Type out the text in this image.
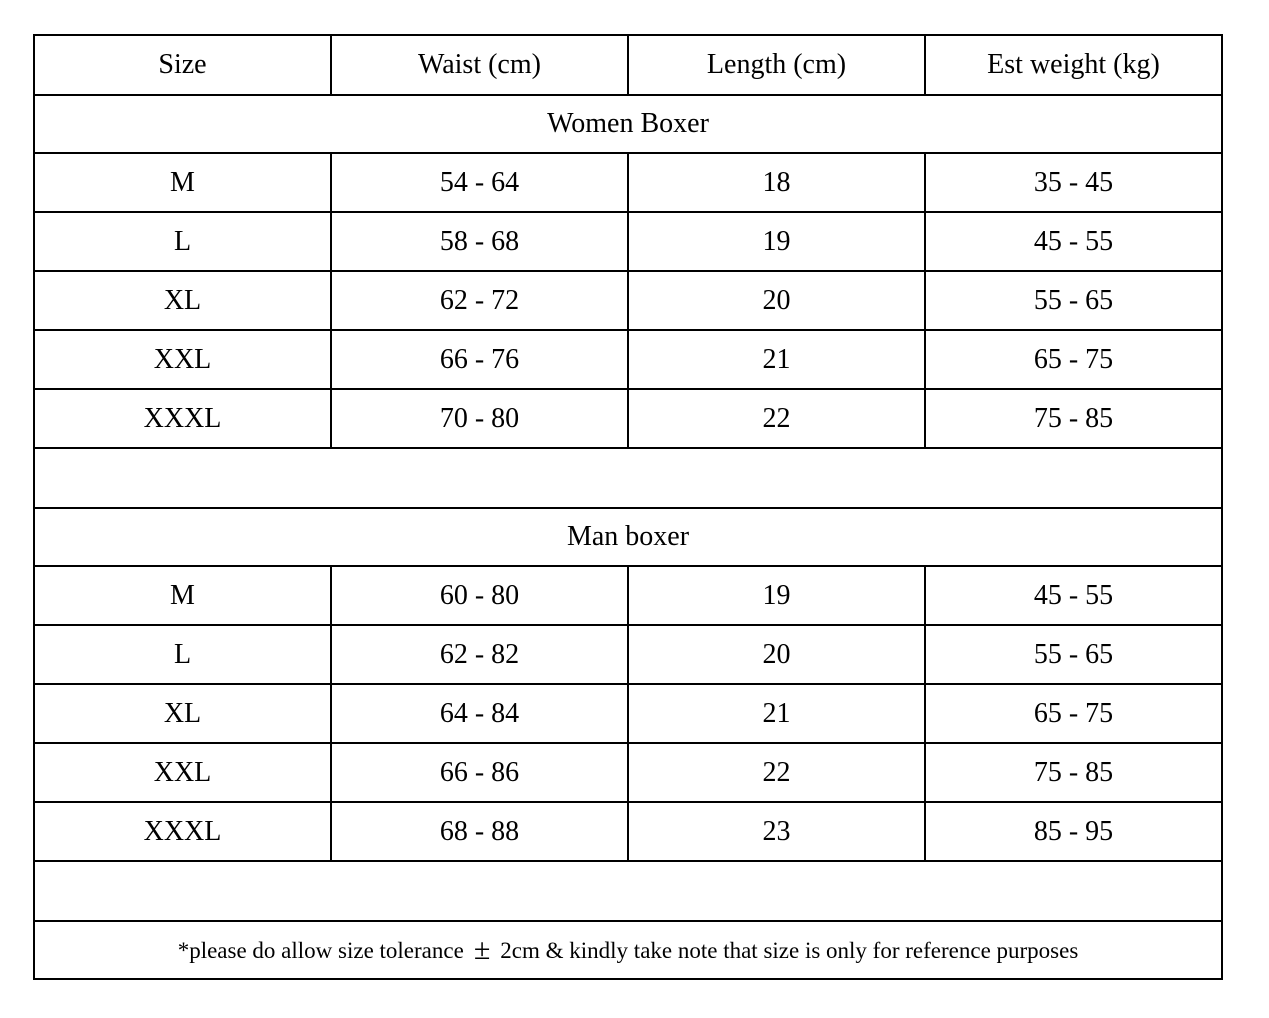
Size	Waist (cm)	Length (cm)	Est weight (kg)
Women Boxer			
M	54 - 64	18	35 - 45
L	58 - 68	19	45 - 55
XL	62 - 72	20	55 - 65
XXL	66 - 76	21	65 - 75
XXXL	70 - 80	22	75 - 85

Man boxer			
M	60 - 80	19	45 - 55
L	62 - 82	20	55 - 65
XL	64 - 84	21	65 - 75
XXL	66 - 86	22	75 - 85
XXXL	68 - 88	23	85 - 95

*please do allow size tolerance ± 2cm & kindly take note that size is only for reference purposes			
